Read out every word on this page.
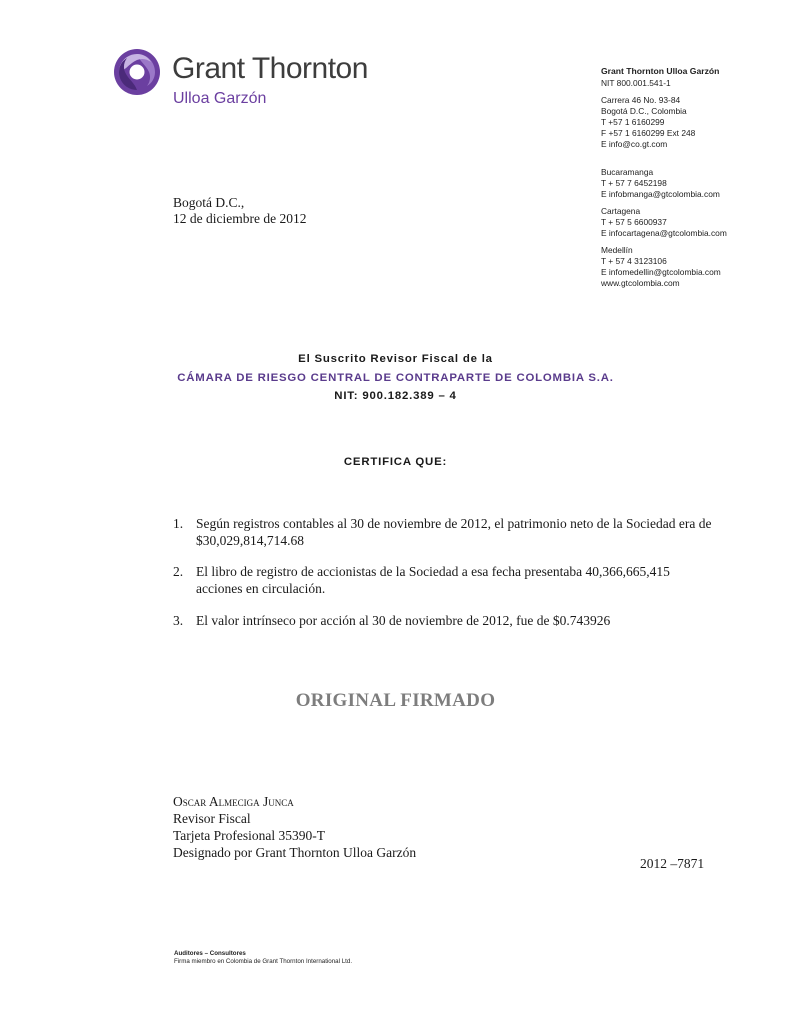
Grant Thornton
Ulloa Garzón
Grant Thornton Ulloa Garzón
NIT 800.001.541-1
Carrera 46 No. 93-84
Bogotá D.C., Colombia
T +57 1 6160299
F +57 1 6160299 Ext 248
E info@co.gt.com
Bucaramanga
T + 57 7 6452198
E infobmanga@gtcolombia.com
Cartagena
T + 57 5 6600937
E infocartagena@gtcolombia.com
Medellín
T + 57 4 3123106
E infomedellin@gtcolombia.com
www.gtcolombia.com
Bogotá D.C.,
12 de diciembre de 2012
El Suscrito Revisor Fiscal de la
CÁMARA DE RIESGO CENTRAL DE CONTRAPARTE DE COLOMBIA S.A.
NIT: 900.182.389 – 4
CERTIFICA QUE:
1. Según registros contables al 30 de noviembre de 2012, el patrimonio neto de la Sociedad era de
$30,029,814,714.68
2. El libro de registro de accionistas de la Sociedad a esa fecha presentaba 40,366,665,415
acciones en circulación.
3. El valor intrínseco por acción al 30 de noviembre de 2012, fue de $0.743926
ORIGINAL FIRMADO
Oscar Almeciga Junca
Revisor Fiscal
Tarjeta Profesional 35390-T
Designado por Grant Thornton Ulloa Garzón
2012 –7871
Auditores – Consultores
Firma miembro en Colombia de Grant Thornton International Ltd.
